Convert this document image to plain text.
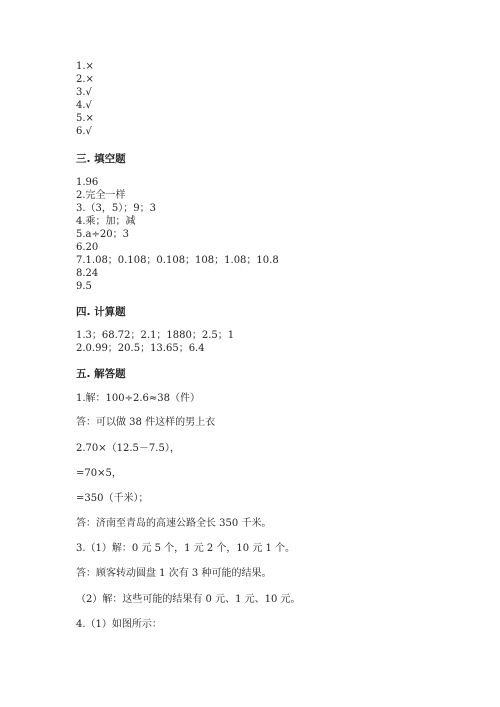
1.×
2.×
3.√
4.√
5.×
6.√
三. 填空题
1.96
2.完全一样
3.（3，5）；9；3
4.乘；加；减
5.a÷20；3
6.20
7.1.08；0.108；0.108；108；1.08；10.8
8.24
9.5
四. 计算题
1.3；68.72；2.1；1880；2.5；1
2.0.99；20.5；13.65；6.4
五. 解答题
1.解：100÷2.6≈38（件）
答：可以做 38 件这样的男上衣
2.70×（12.5－7.5），
=70×5，
=350（千米）；
答：济南至青岛的高速公路全长 350 千米。
3.（1）解：0 元 5 个，1 元 2 个，10 元 1 个。
答：顾客转动圆盘 1 次有 3 种可能的结果。
（2）解：这些可能的结果有 0 元、1 元、10 元。
4.（1）如图所示：
